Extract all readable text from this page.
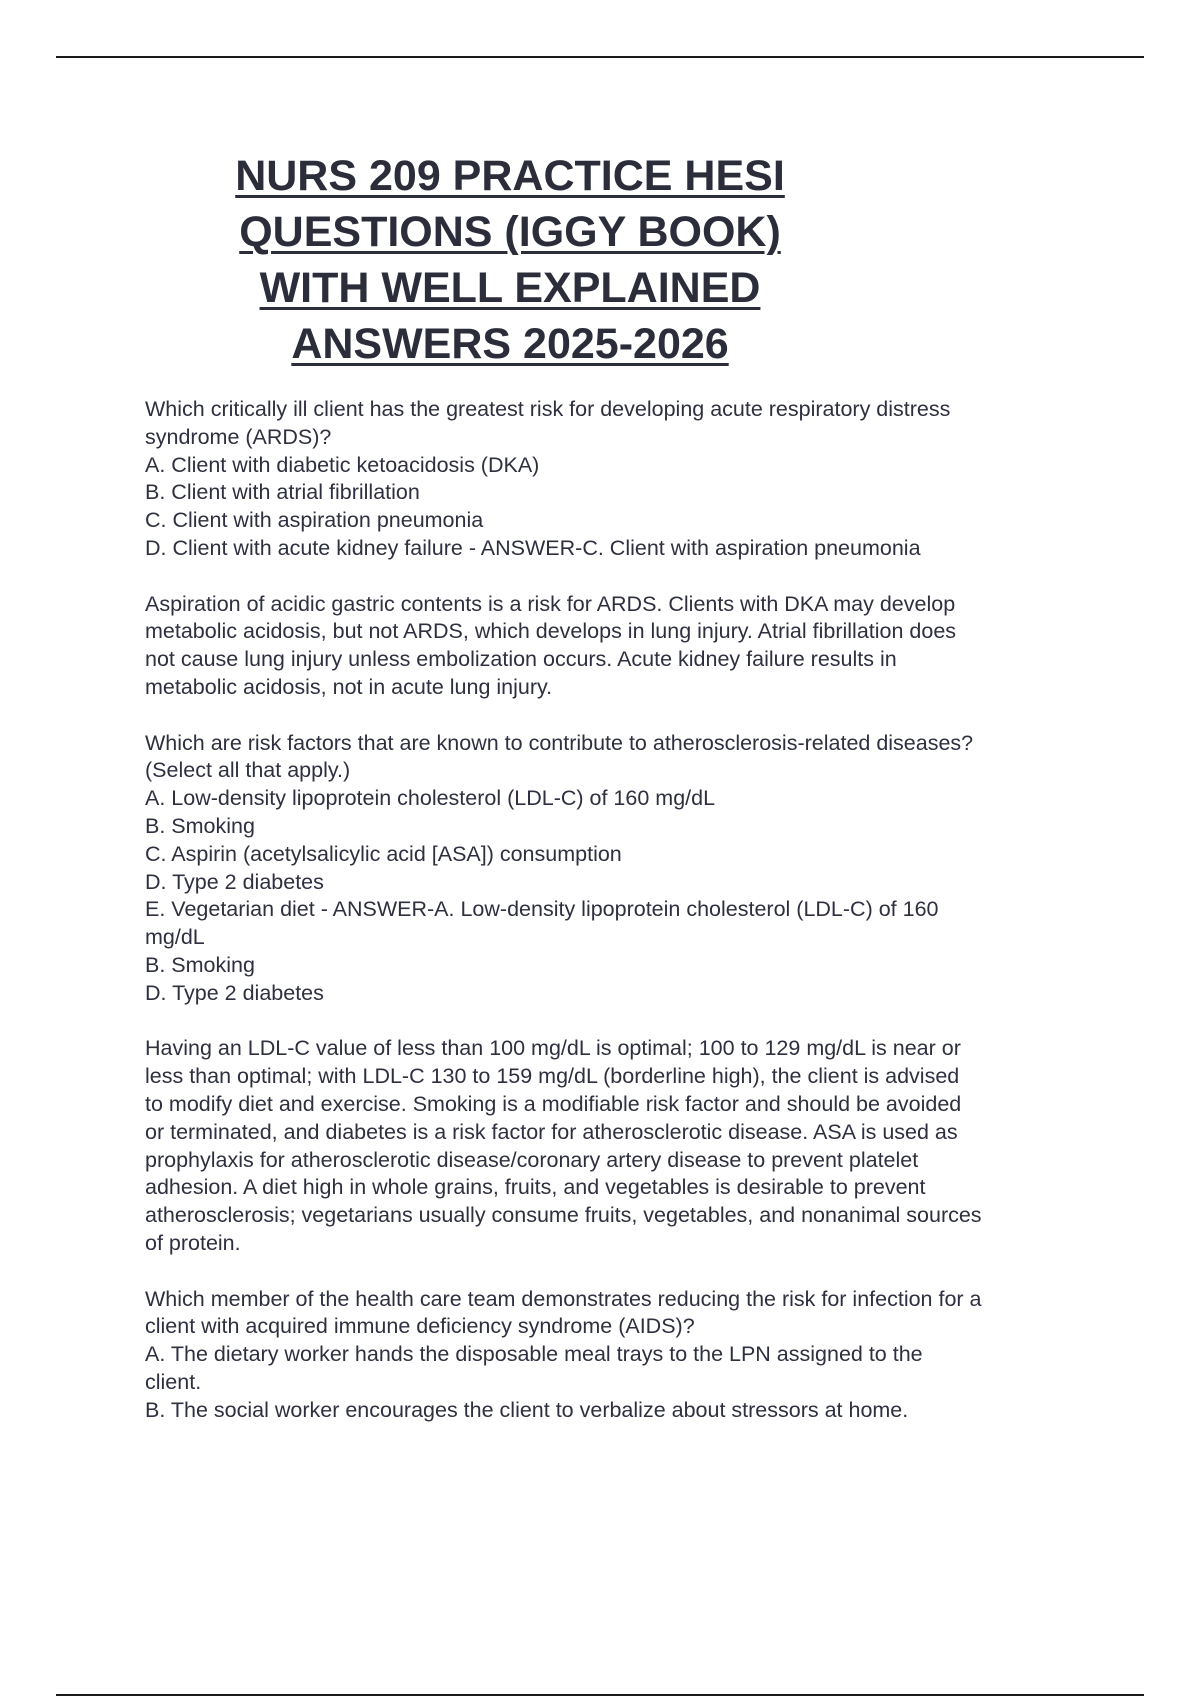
NURS 209 PRACTICE HESI
QUESTIONS (IGGY BOOK)
WITH WELL EXPLAINED
ANSWERS 2025-2026
Which critically ill client has the greatest risk for developing acute respiratory distress
syndrome (ARDS)?
A. Client with diabetic ketoacidosis (DKA)
B. Client with atrial fibrillation
C. Client with aspiration pneumonia
D. Client with acute kidney failure - ANSWER-C. Client with aspiration pneumonia
Aspiration of acidic gastric contents is a risk for ARDS. Clients with DKA may develop
metabolic acidosis, but not ARDS, which develops in lung injury. Atrial fibrillation does
not cause lung injury unless embolization occurs. Acute kidney failure results in
metabolic acidosis, not in acute lung injury.
Which are risk factors that are known to contribute to atherosclerosis-related diseases?
(Select all that apply.)
A. Low-density lipoprotein cholesterol (LDL-C) of 160 mg/dL
B. Smoking
C. Aspirin (acetylsalicylic acid [ASA]) consumption
D. Type 2 diabetes
E. Vegetarian diet - ANSWER-A. Low-density lipoprotein cholesterol (LDL-C) of 160
mg/dL
B. Smoking
D. Type 2 diabetes
Having an LDL-C value of less than 100 mg/dL is optimal; 100 to 129 mg/dL is near or
less than optimal; with LDL-C 130 to 159 mg/dL (borderline high), the client is advised
to modify diet and exercise. Smoking is a modifiable risk factor and should be avoided
or terminated, and diabetes is a risk factor for atherosclerotic disease. ASA is used as
prophylaxis for atherosclerotic disease/coronary artery disease to prevent platelet
adhesion. A diet high in whole grains, fruits, and vegetables is desirable to prevent
atherosclerosis; vegetarians usually consume fruits, vegetables, and nonanimal sources
of protein.
Which member of the health care team demonstrates reducing the risk for infection for a
client with acquired immune deficiency syndrome (AIDS)?
A. The dietary worker hands the disposable meal trays to the LPN assigned to the
client.
B. The social worker encourages the client to verbalize about stressors at home.
